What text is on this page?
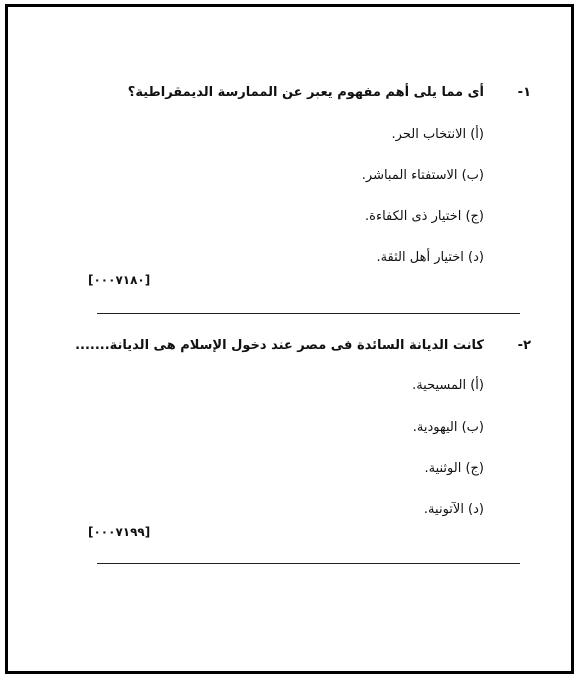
١-
أى مما يلى أهم مفهوم يعبر عن الممارسة الديمقراطية؟
(أ) الانتخاب الحر.
(ب) الاستفتاء المباشر.
(ج) اختيار ذى الكفاءة.
(د) اختيار أهل الثقة.
[٠٠٠٧١٨٠]
٢-
كانت الديانة السائدة فى مصر عند دخول الإسلام هى الديانة.......
(أ) المسيحية.
(ب) اليهودية.
(ج) الوثنية.
(د) الآتونية.
[٠٠٠٧١٩٩]
